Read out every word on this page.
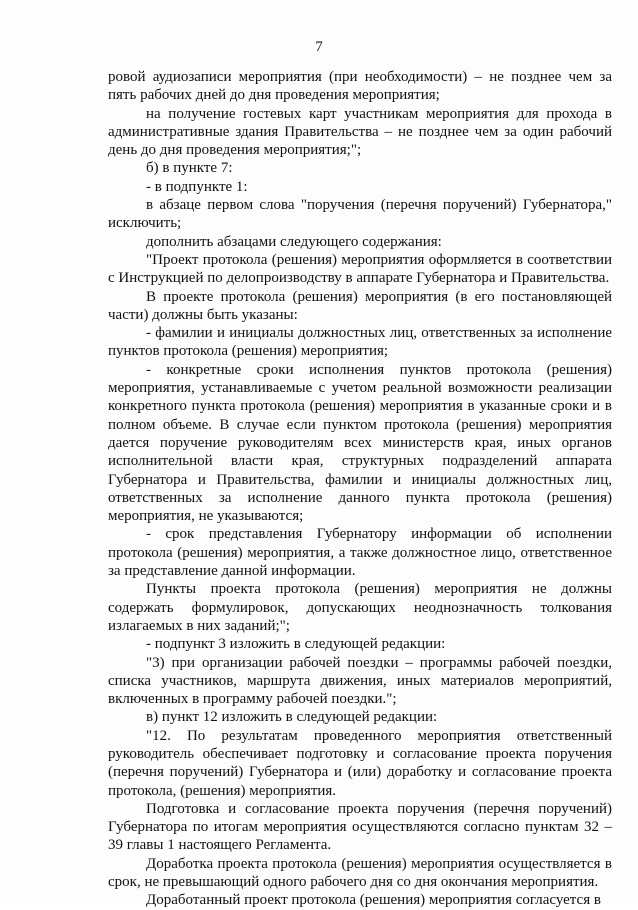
7

ровой аудиозаписи мероприятия (при необходимости) – не позднее чем за пять рабочих дней до дня проведения мероприятия;

на получение гостевых карт участникам мероприятия для прохода в административные здания Правительства – не позднее чем за один рабочий день до дня проведения мероприятия;";

б) в пункте 7:

- в подпункте 1:

в абзаце первом слова "поручения (перечня поручений) Губернатора," исключить;

дополнить абзацами следующего содержания:

"Проект протокола (решения) мероприятия оформляется в соответствии с Инструкцией по делопроизводству в аппарате Губернатора и Правительства.

В проекте протокола (решения) мероприятия (в его постановляющей части) должны быть указаны:

- фамилии и инициалы должностных лиц, ответственных за исполнение пунктов протокола (решения) мероприятия;

- конкретные сроки исполнения пунктов протокола (решения) мероприятия, устанавливаемые с учетом реальной возможности реализации конкретного пункта протокола (решения) мероприятия в указанные сроки и в полном объеме. В случае если пунктом протокола (решения) мероприятия дается поручение руководителям всех министерств края, иных органов исполнительной власти края, структурных подразделений аппарата Губернатора и Правительства, фамилии и инициалы должностных лиц, ответственных за исполнение данного пункта протокола (решения) мероприятия, не указываются;

- срок представления Губернатору информации об исполнении протокола (решения) мероприятия, а также должностное лицо, ответственное за представление данной информации.

Пункты проекта протокола (решения) мероприятия не должны содержать формулировок, допускающих неоднозначность толкования излагаемых в них заданий;";

- подпункт 3 изложить в следующей редакции:

"3) при организации рабочей поездки – программы рабочей поездки, списка участников, маршрута движения, иных материалов мероприятий, включенных в программу рабочей поездки.";

в) пункт 12 изложить в следующей редакции:

"12. По результатам проведенного мероприятия ответственный руководитель обеспечивает подготовку и согласование проекта поручения (перечня поручений) Губернатора и (или) доработку и согласование проекта протокола, (решения) мероприятия.

Подготовка и согласование проекта поручения (перечня поручений) Губернатора по итогам мероприятия осуществляются согласно пунктам 32 – 39 главы 1 настоящего Регламента.

Доработка проекта протокола (решения) мероприятия осуществляется в срок, не превышающий одного рабочего дня со дня окончания мероприятия.

Доработанный проект протокола (решения) мероприятия согласуется в
